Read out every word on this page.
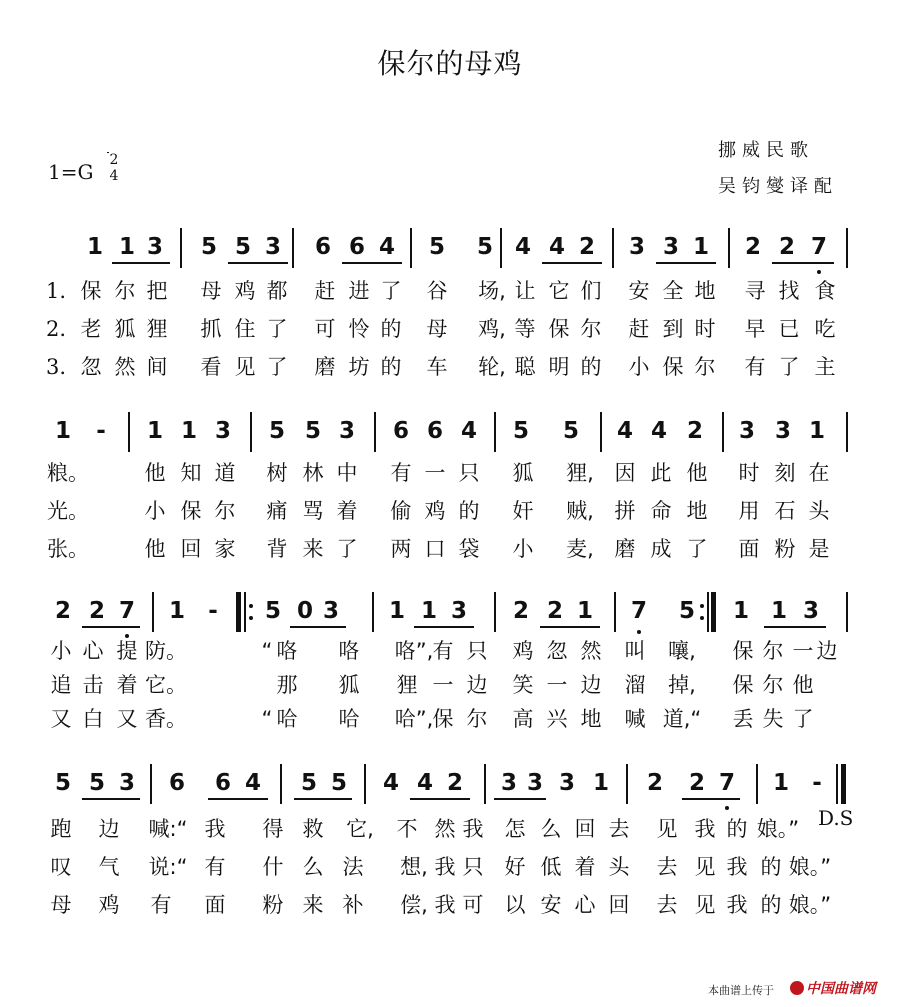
保尔的母鸡
挪威民歌
吴钧燮译配
1=G 2
4
1 1 3 5 5 3 6 6 4 5 5 4 4 2 3 3 1 2 2 7
1. 保 尔 把 母 鸡 都 赶 进 了 谷	场, 让 它 们 安 全 地 寻 找 食
2. 老 狐 狸 抓 住 了 可 怜 的 母	鸡, 等 保 尔 赶 到 时 早 已 吃
3. 忽 然 间 看 见 了 磨 坊 的 车	轮, 聪 明 的 小 保 尔 有 了 主
1 - 1 1 3 5 5 3 6 6 4 5 5 4 4 2 3 3 1
粮。	他 知 道 树 林 中 有 一 只 狐	狸, 因 此 他 时 刻 在
光。	小 保 尔 痛 骂 着 偷 鸡 的 奸	贼, 拼 命 地 用 石 头
张。	他 回 家 背 来 了 两 口 袋 小	麦, 磨 成 了 面 粉 是
2 2 7 1 - 5 0 3 1 1 3 2 2 1 7 5 1 1 3
小 心 提 防。	“ 咯 咯 咯”, 有 只 鸡 忽 然 叫	嚷,	保 尔 一 边
追 击 着 它。	那 狐 狸 一 边 笑 一 边 溜	掉,	保 尔 他
又 白 又 香。	“ 哈 哈 哈”, 保 尔 高 兴 地 喊 道,“ 丢 失 了
5 5 3 6 6 4 5 5 4 4 2 3 3 3 1 2 2 7 1 -
跑 边 喊:“ 我 得 救	它,	不 然 我 怎 么 回 去 见 我 的 娘。”
叹 气 说:“ 有 什 么 法	想, 我 只 好 低 着 头 去 见 我 的 娘。”
母 鸡 有 面 粉 来 补	偿, 我 可 以 安 心 回 去 见 我 的 娘。”
D.S
本曲谱上传于	中国曲谱网
